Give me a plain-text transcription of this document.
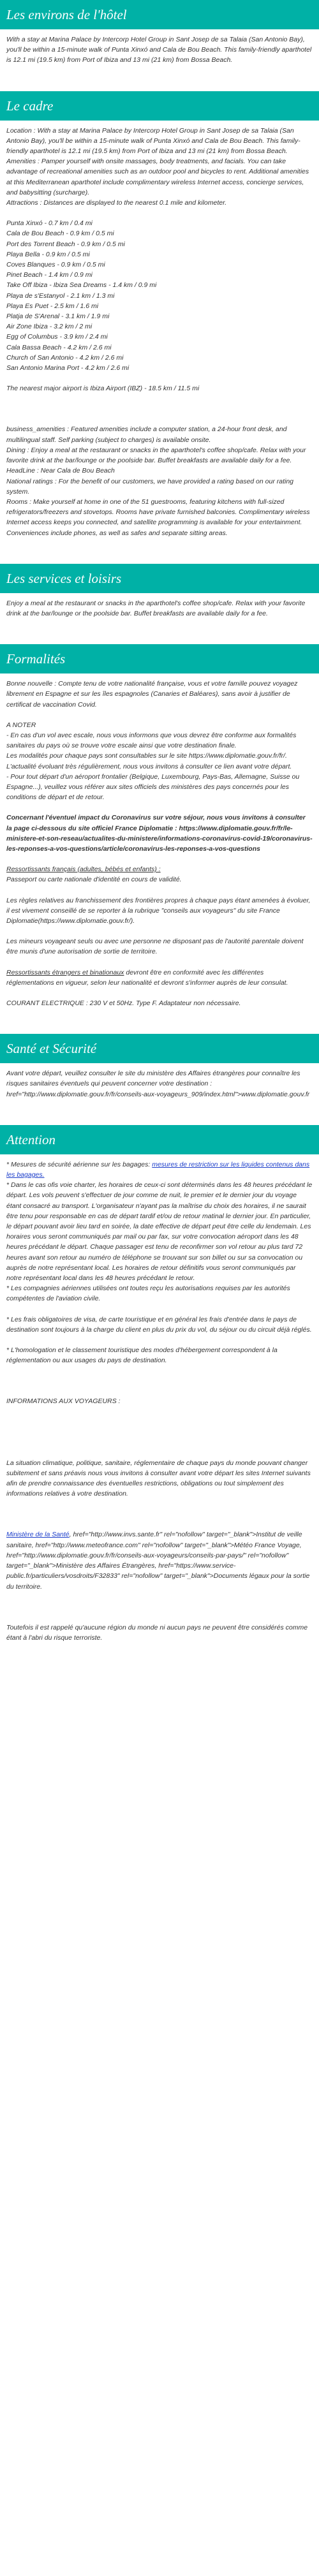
Les environs de l'hôtel

With a stay at Marina Palace by Intercorp Hotel Group in Sant Josep de sa Talaia (San Antonio Bay), you'll be within a 15-minute walk of Punta Xinxó and Cala de Bou Beach. This family-friendly aparthotel is 12.1 mi (19.5 km) from Port of Ibiza and 13 mi (21 km) from Bossa Beach.

Le cadre

Location : With a stay at Marina Palace by Intercorp Hotel Group in Sant Josep de sa Talaia (San Antonio Bay), you'll be within a 15-minute walk of Punta Xinxó and Cala de Bou Beach. This family-friendly aparthotel is 12.1 mi (19.5 km) from Port of Ibiza and 13 mi (21 km) from Bossa Beach. Amenities : Pamper yourself with onsite massages, body treatments, and facials. You can take advantage of recreational amenities such as an outdoor pool and bicycles to rent. Additional amenities at this Mediterranean aparthotel include complimentary wireless Internet access, concierge services, and babysitting (surcharge).

Attractions : Distances are displayed to the nearest 0.1 mile and kilometer.

Punta Xinxó - 0.7 km / 0.4 mi

Cala de Bou Beach - 0.9 km / 0.5 mi

Port des Torrent Beach - 0.9 km / 0.5 mi

Playa Bella - 0.9 km / 0.5 mi

Coves Blanques - 0.9 km / 0.5 mi

Pinet Beach - 1.4 km / 0.9 mi

Take Off Ibiza - Ibiza Sea Dreams - 1.4 km / 0.9 mi

Playa de s'Estanyol - 2.1 km / 1.3 mi

Playa Es Puet - 2.5 km / 1.6 mi

Platja de S'Arenal - 3.1 km / 1.9 mi

Air Zone Ibiza - 3.2 km / 2 mi

Egg of Columbus - 3.9 km / 2.4 mi

Cala Bassa Beach - 4.2 km / 2.6 mi

Church of San Antonio - 4.2 km / 2.6 mi

San Antonio Marina Port - 4.2 km / 2.6 mi

The nearest major airport is Ibiza Airport (IBZ) - 18.5 km / 11.5 mi

business_amenities : Featured amenities include a computer station, a 24-hour front desk, and multilingual staff. Self parking (subject to charges) is available onsite.

Dining : Enjoy a meal at the restaurant or snacks in the aparthotel's coffee shop/cafe. Relax with your favorite drink at the bar/lounge or the poolside bar. Buffet breakfasts are available daily for a fee.

HeadLine : Near Cala de Bou Beach

National ratings : For the benefit of our customers, we have provided a rating based on our rating system.

Rooms : Make yourself at home in one of the 51 guestrooms, featuring kitchens with full-sized refrigerators/freezers and stovetops. Rooms have private furnished balconies. Complimentary wireless Internet access keeps you connected, and satellite programming is available for your entertainment. Conveniences include phones, as well as safes and separate sitting areas.

Les services et loisirs

Enjoy a meal at the restaurant or snacks in the aparthotel's coffee shop/cafe. Relax with your favorite drink at the bar/lounge or the poolside bar. Buffet breakfasts are available daily for a fee.

Formalités

Bonne nouvelle : Compte tenu de votre nationalité française, vous et votre famille pouvez voyagez librement en Espagne et sur les îles espagnoles (Canaries et Baléares), sans avoir à justifier de certificat de vaccination Covid.

A NOTER

- En cas d'un vol avec escale, nous vous informons que vous devrez être conforme aux formalités sanitaires du pays où se trouve votre escale ainsi que votre destination finale.

Les modalités pour chaque pays sont consultables sur le site https://www.diplomatie.gouv.fr/fr/. L'actualité évoluant très régulièrement, nous vous invitons à consulter ce lien avant votre départ.

- Pour tout départ d'un aéroport frontalier (Belgique, Luxembourg, Pays-Bas, Allemagne, Suisse ou Espagne...), veuillez vous référer aux sites officiels des ministères des pays concernés pour les conditions de départ et de retour.

Concernant l'éventuel impact du Coronavirus sur votre séjour, nous vous invitons à consulter la page ci-dessous du site officiel France Diplomatie : https://www.diplomatie.gouv.fr/fr/le-ministere-et-son-reseau/actualites-du-ministere/informations-coronavirus-covid-19/coronavirus-les-reponses-a-vos-questions/article/coronavirus-les-reponses-a-vos-questions

Ressortissants français (adultes, bébés et enfants) :

Passeport ou carte nationale d'identité en cours de validité.

Les règles relatives au franchissement des frontières propres à chaque pays étant amenées à évoluer, il est vivement conseillé de se reporter à la rubrique "conseils aux voyageurs" du site France Diplomatie(https://www.diplomatie.gouv.fr/).

Les mineurs voyageant seuls ou avec une personne ne disposant pas de l'autorité parentale doivent être munis d'une autorisation de sortie de territoire.

Ressortissants étrangers et binationaux devront être en conformité avec les différentes réglementations en vigueur, selon leur nationalité et devront s'informer auprès de leur consulat.

COURANT ELECTRIQUE : 230 V et 50Hz. Type F. Adaptateur non nécessaire.

Santé et Sécurité

Avant votre départ, veuillez consulter le site du ministère des Affaires étrangères pour connaître les risques sanitaires éventuels qui peuvent concerner votre destination : href="http://www.diplomatie.gouv.fr/fr/conseils-aux-voyageurs_909/index.html">www.diplomatie.gouv.fr

Attention

* Mesures de sécurité aérienne sur les bagages: mesures de restriction sur les liquides contenus dans les bagages.

* Dans le cas ofis voie charter, les horaires de ceux-ci sont déterminés dans les 48 heures précédant le départ. Les vols peuvent s'effectuer de jour comme de nuit, le premier et le dernier jour du voyage étant consacré au transport. L'organisateur n'ayant pas la maîtrise du choix des horaires, il ne saurait être tenu pour responsable en cas de départ tardif et/ou de retour matinal le dernier jour. En particulier, le départ pouvant avoir lieu tard en soirée, la date effective de départ peut être celle du lendemain. Les horaires vous seront communiqués par mail ou par fax, sur votre convocation aéroport dans les 48 heures précédant le départ. Chaque passager est tenu de reconfirmer son vol retour au plus tard 72 heures avant son retour au numéro de téléphone se trouvant sur son billet ou sur sa convocation ou auprès de notre représentant local. Les horaires de retour définitifs vous seront communiqués par notre représentant local dans les 48 heures précédant le retour.

* Les compagnies aériennes utilisées ont toutes reçu les autorisations requises par les autorités compétentes de l'aviation civile.

* Les frais obligatoires de visa, de carte touristique et en général les frais d'entrée dans le pays de destination sont toujours à la charge du client en plus du prix du vol, du séjour ou du circuit déjà réglés.

* L'homologation et le classement touristique des modes d'hébergement correspondent à la réglementation ou aux usages du pays de destination.

INFORMATIONS AUX VOYAGEURS :

La situation climatique, politique, sanitaire, réglementaire de chaque pays du monde pouvant changer subitement et sans préavis nous vous invitons à consulter avant votre départ les sites Internet suivants afin de prendre connaissance des éventuelles restrictions, obligations ou tout simplement des informations relatives à votre destination.

Ministère de la Santé, href="http://www.invs.sante.fr" rel="nofollow" target="_blank">Institut de veille sanitaire, href="http://www.meteofrance.com" rel="nofollow" target="_blank">Météo France Voyage, href="http://www.diplomatie.gouv.fr/fr/conseils-aux-voyageurs/conseils-par-pays/" rel="nofollow" target="_blank">Ministère des Affaires Étrangères, href="https://www.service-public.fr/particuliers/vosdroits/F32833" rel="nofollow" target="_blank">Documents légaux pour la sortie du territoire.

Toutefois il est rappelé qu'aucune région du monde ni aucun pays ne peuvent être considérés comme étant à l'abri du risque terroriste.
